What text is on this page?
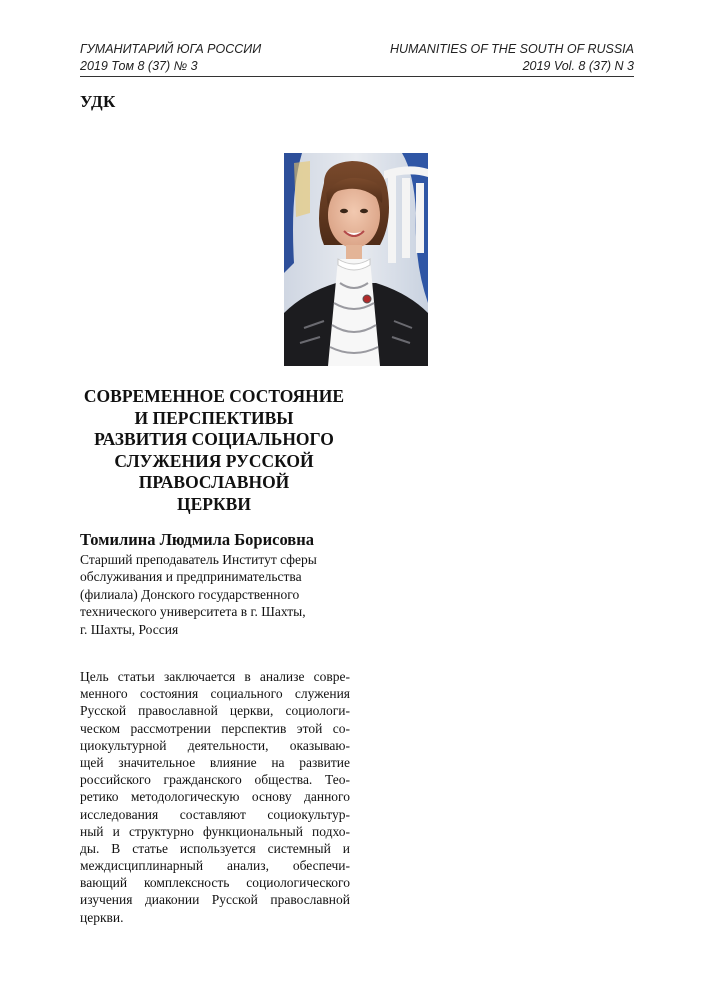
ГУМАНИТАРИЙ ЮГА РОССИИ	HUMANITIES OF THE SOUTH OF RUSSIA
2019 Том 8 (37) № 3	2019 Vol. 8 (37) N 3
УДК
СОВРЕМЕННОЕ СОСТОЯНИЕ
И ПЕРСПЕКТИВЫ
РАЗВИТИЯ СОЦИАЛЬНОГО
СЛУЖЕНИЯ РУССКОЙ
ПРАВОСЛАВНОЙ
ЦЕРКВИ
Томилина Людмила Борисовна
Старший преподаватель Институт сферы
обслуживания и предпринимательства
(филиала) Донского государственного
технического университета в г. Шахты,
г. Шахты, Россия
Цель статьи заключается в анализе совре-
менного состояния социального служения
Русской православной церкви, социологи-
ческом рассмотрении перспектив этой со-
циокультурной деятельности, оказываю-
щей значительное влияние на развитие
российского гражданского общества. Тео-
ретико методологическую основу данного
исследования составляют социокультур-
ный и структурно функциональный подхо-
ды. В статье используется системный и
междисциплинарный анализ, обеспечи-
вающий комплексность социологического
изучения диаконии Русской православной
церкви.
